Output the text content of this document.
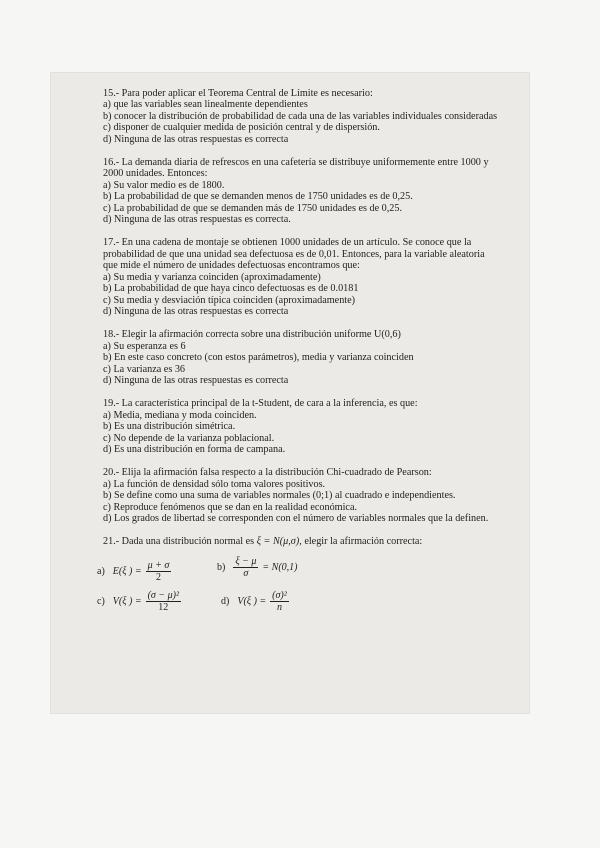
15.- Para poder aplicar el Teorema Central de Límite es necesario:

a) que las variables sean linealmente dependientes

b) conocer la distribución de probabilidad de cada una de las variables individuales consideradas

c) disponer de cualquier medida de posición central y de dispersión.

d) Ninguna de las otras respuestas es correcta

16.- La demanda diaria de refrescos en una cafetería se distribuye uniformemente entre 1000 y 2000 unidades. Entonces:

a) Su valor medio es de 1800.

b) La probabilidad de que se demanden menos de 1750 unidades es de 0,25.

c) La probabilidad de que se demanden más de 1750 unidades es de 0,25.

d) Ninguna de las otras respuestas es correcta.

17.- En una cadena de montaje se obtienen 1000 unidades de un artículo. Se conoce que la probabilidad de que una unidad sea defectuosa es de 0,01. Entonces, para la variable aleatoria que mide el número de unidades defectuosas encontramos que:

a) Su media y varianza coinciden (aproximadamente)

b) La probabilidad de que haya cinco defectuosas es de 0.0181

c) Su media y desviación típica coinciden (aproximadamente)

d) Ninguna de las otras respuestas es correcta

18.- Elegir la afirmación correcta sobre una distribución uniforme U(0,6)

a) Su esperanza es 6

b) En este caso concreto (con estos parámetros), media y varianza coinciden

c) La varianza es 36

d) Ninguna de las otras respuestas es correcta

19.- La característica principal de la t-Student, de cara a la inferencia, es que:

a) Media, mediana y moda coinciden.

b) Es una distribución simétrica.

c) No depende de la varianza poblacional.

d) Es una distribución en forma de campana.

20.- Elija la afirmación falsa respecto a la distribución Chi-cuadrado de Pearson:

a) La función de densidad sólo toma valores positivos.

b) Se define como una suma de variables normales (0;1) al cuadrado e independientes.

c) Reproduce fenómenos que se dan en la realidad económica.

d) Los grados de libertad se corresponden con el número de variables normales que la definen.

21.- Dada una distribución normal es ξ = N(μ,σ), elegir la afirmación correcta:

a) E(ξ ) = $\frac{\mu + \sigma}{2}$	$b) \frac{\xi - \mu}{\sigma} = N(0,1)$
c) V(ξ ) = $\frac{\text{(σ − μ)²}}{12}$	d) V(ξ ) = $\frac{\text{(σ)²}}{n}$
